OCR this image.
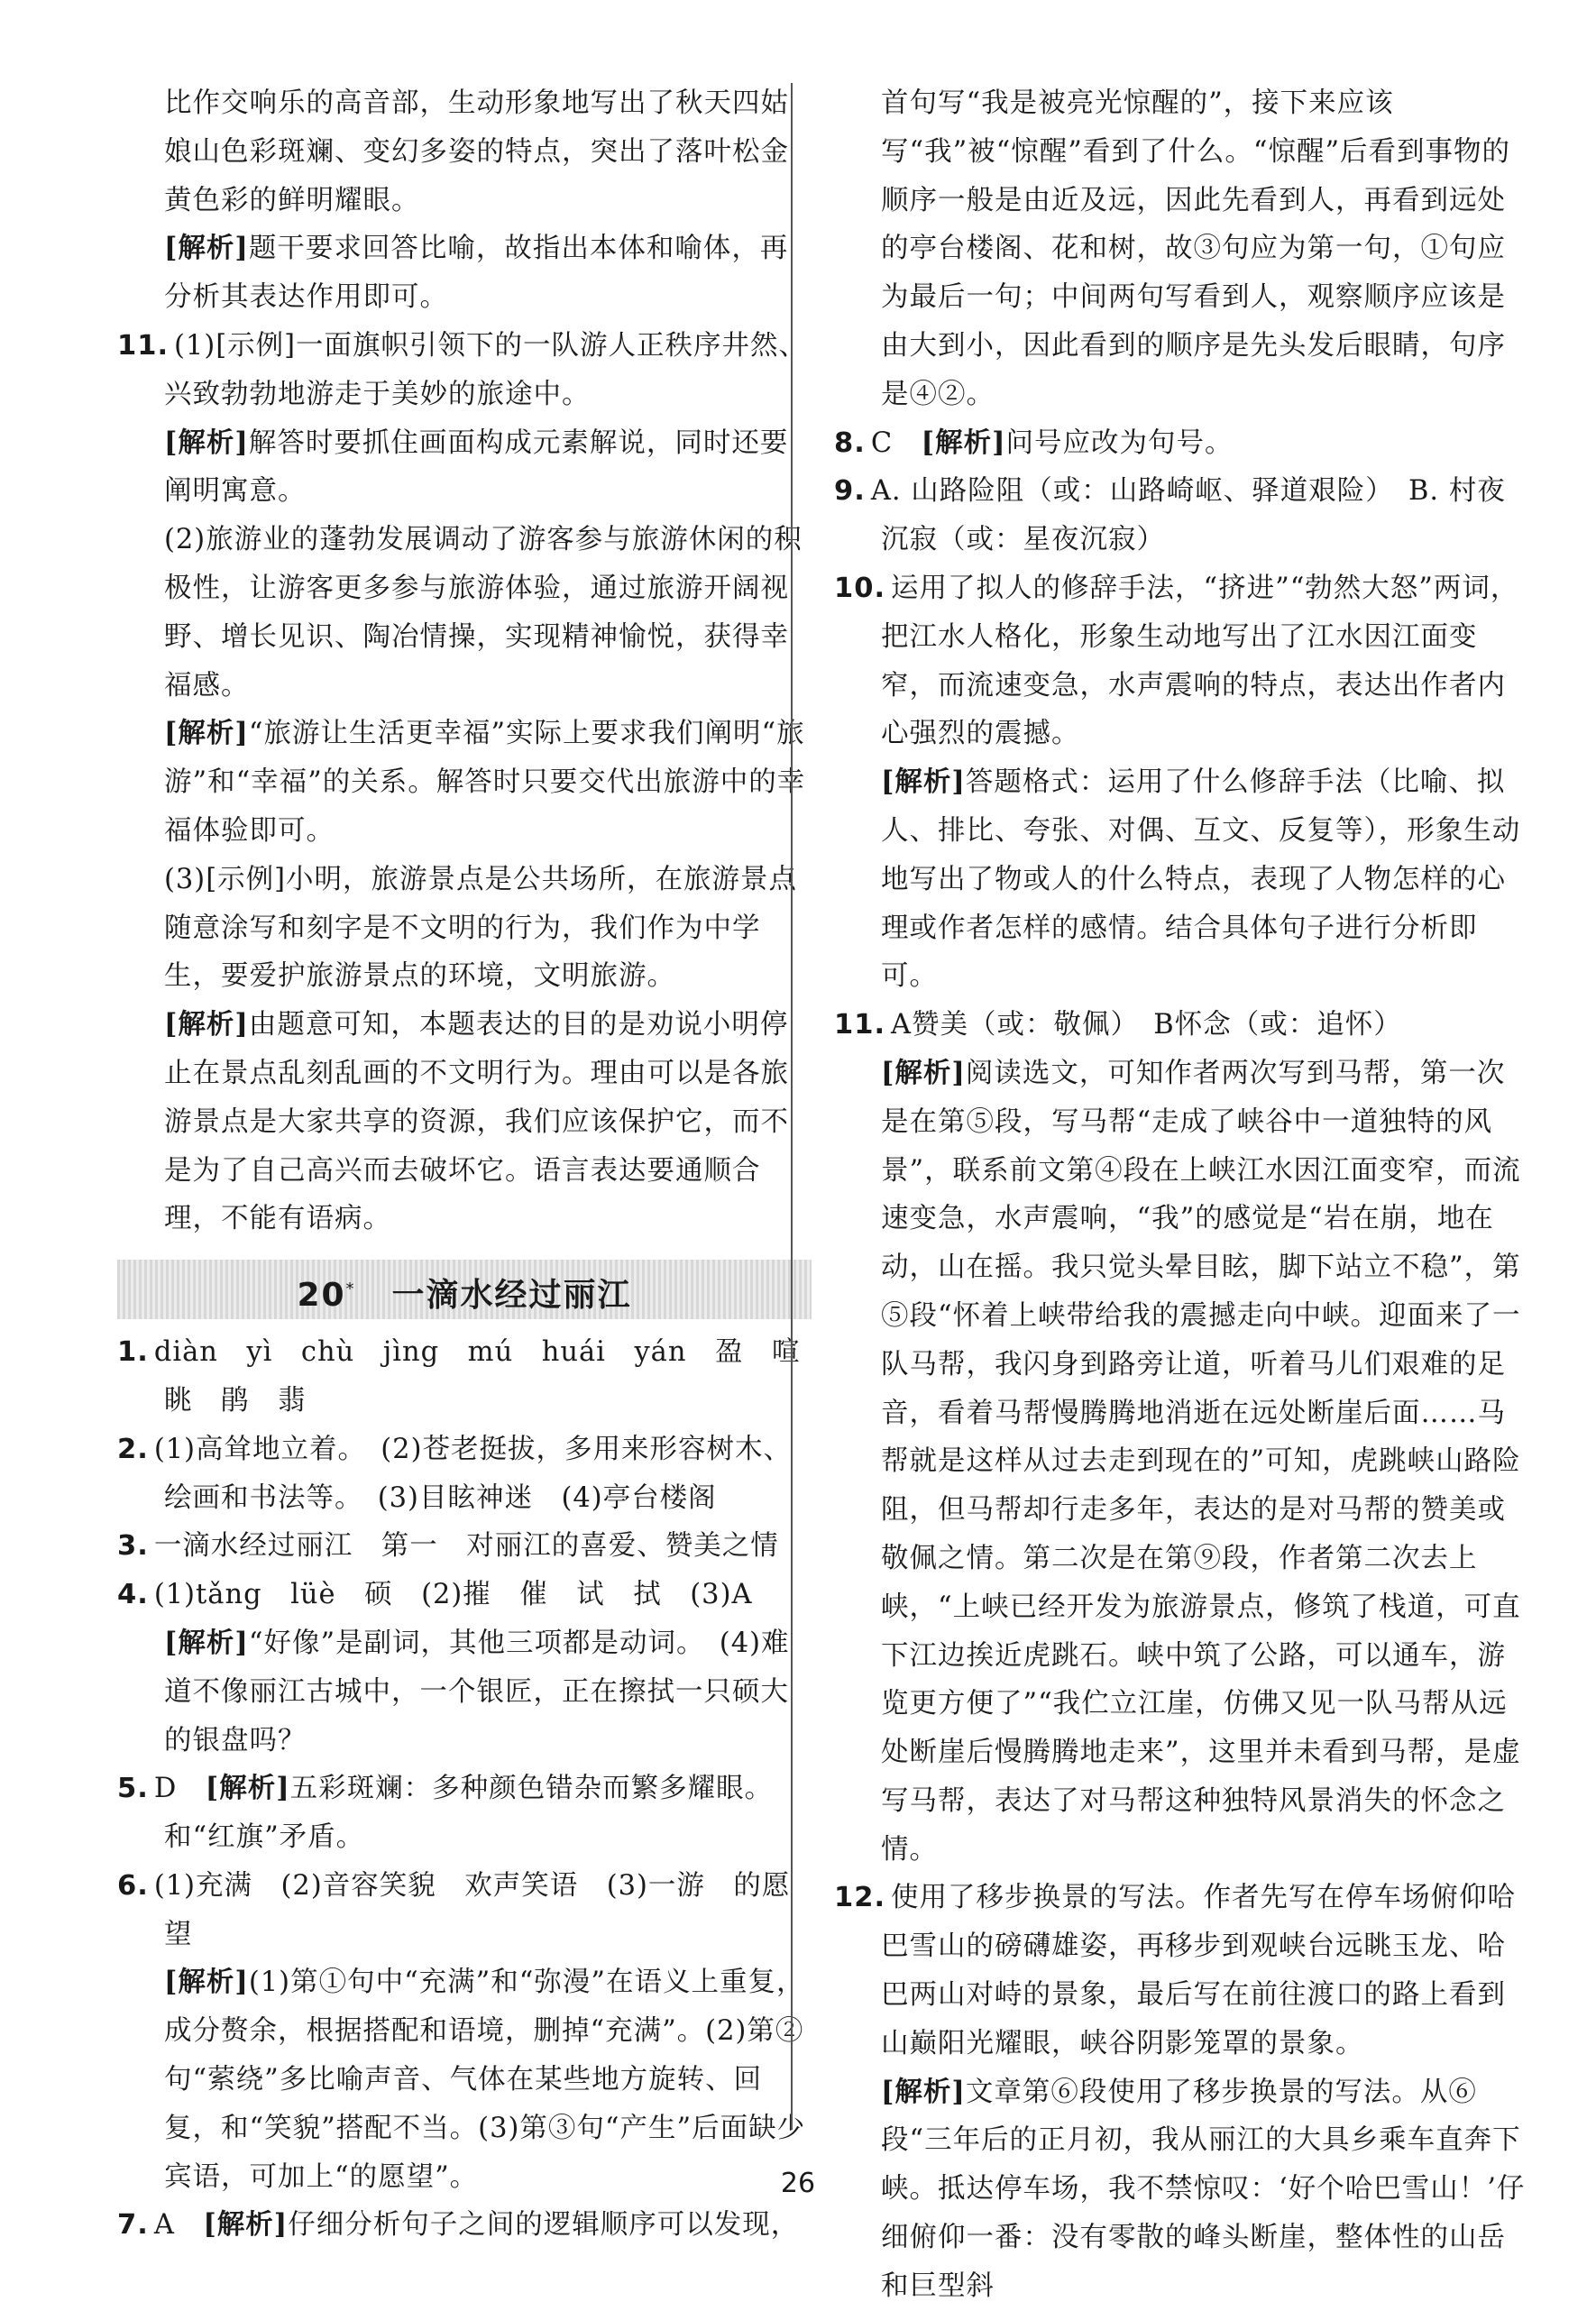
比作交响乐的高音部，生动形象地写出了秋天四姑娘山色彩斑斓、变幻多姿的特点，突出了落叶松金黄色彩的鲜明耀眼。

[解析]题干要求回答比喻，故指出本体和喻体，再分析其表达作用即可。

11. (1)[示例]一面旗帜引领下的一队游人正秩序井然、兴致勃勃地游走于美妙的旅途中。

[解析]解答时要抓住画面构成元素解说，同时还要阐明寓意。

(2)旅游业的蓬勃发展调动了游客参与旅游休闲的积极性，让游客更多参与旅游体验，通过旅游开阔视野、增长见识、陶冶情操，实现精神愉悦，获得幸福感。

[解析]“旅游让生活更幸福”实际上要求我们阐明“旅游”和“幸福”的关系。解答时只要交代出旅游中的幸福体验即可。

(3)[示例]小明，旅游景点是公共场所，在旅游景点随意涂写和刻字是不文明的行为，我们作为中学生，要爱护旅游景点的环境，文明旅游。

[解析]由题意可知，本题表达的目的是劝说小明停止在景点乱刻乱画的不文明行为。理由可以是各旅游景点是大家共享的资源，我们应该保护它，而不是为了自己高兴而去破坏它。语言表达要通顺合理，不能有语病。

20* 一滴水经过丽江

1. diàn　yì　chù　jìng　mú　huái　yán　盈　喧　眺　鹃　翡

2. (1)高耸地立着。　(2)苍老挺拔，多用来形容树木、绘画和书法等。　(3)目眩神迷　(4)亭台楼阁

3. 一滴水经过丽江　第一　对丽江的喜爱、赞美之情

4. (1)tǎng　lüè　硕　(2)摧　催　试　拭　(3)A　[解析]“好像”是副词，其他三项都是动词。　(4)难道不像丽江古城中，一个银匠，正在擦拭一只硕大的银盘吗？

5. D　[解析]五彩斑斓：多种颜色错杂而繁多耀眼。和“红旗”矛盾。

6. (1)充满　(2)音容笑貌　欢声笑语　(3)一游　的愿望

[解析](1)第①句中“充满”和“弥漫”在语义上重复，成分赘余，根据搭配和语境，删掉“充满”。(2)第②句“萦绕”多比喻声音、气体在某些地方旋转、回复，和“笑貌”搭配不当。(3)第③句“产生”后面缺少宾语，可加上“的愿望”。

7. A　[解析]仔细分析句子之间的逻辑顺序可以发现，

首句写“我是被亮光惊醒的”，接下来应该写“我”被“惊醒”看到了什么。“惊醒”后看到事物的顺序一般是由近及远，因此先看到人，再看到远处的亭台楼阁、花和树，故③句应为第一句，①句应为最后一句；中间两句写看到人，观察顺序应该是由大到小，因此看到的顺序是先头发后眼睛，句序是④②。

8. C　[解析]问号应改为句号。

9. A. 山路险阻（或：山路崎岖、驿道艰险）　B. 村夜沉寂（或：星夜沉寂）

10. 运用了拟人的修辞手法，“挤进”“勃然大怒”两词，把江水人格化，形象生动地写出了江水因江面变窄，而流速变急，水声震响的特点，表达出作者内心强烈的震撼。

[解析]答题格式：运用了什么修辞手法（比喻、拟人、排比、夸张、对偶、互文、反复等），形象生动地写出了物或人的什么特点，表现了人物怎样的心理或作者怎样的感情。结合具体句子进行分析即可。

11. A赞美（或：敬佩）　B怀念（或：追怀）

[解析]阅读选文，可知作者两次写到马帮，第一次是在第⑤段，写马帮“走成了峡谷中一道独特的风景”，联系前文第④段在上峡江水因江面变窄，而流速变急，水声震响，“我”的感觉是“岩在崩，地在动，山在摇。我只觉头晕目眩，脚下站立不稳”，第⑤段“怀着上峡带给我的震撼走向中峡。迎面来了一队马帮，我闪身到路旁让道，听着马儿们艰难的足音，看着马帮慢腾腾地消逝在远处断崖后面……马帮就是这样从过去走到现在的”可知，虎跳峡山路险阻，但马帮却行走多年，表达的是对马帮的赞美或敬佩之情。第二次是在第⑨段，作者第二次去上峡，“上峡已经开发为旅游景点，修筑了栈道，可直下江边挨近虎跳石。峡中筑了公路，可以通车，游览更方便了”“我伫立江崖，仿佛又见一队马帮从远处断崖后慢腾腾地走来”，这里并未看到马帮，是虚写马帮，表达了对马帮这种独特风景消失的怀念之情。

12. 使用了移步换景的写法。作者先写在停车场俯仰哈巴雪山的磅礴雄姿，再移步到观峡台远眺玉龙、哈巴两山对峙的景象，最后写在前往渡口的路上看到山巅阳光耀眼，峡谷阴影笼罩的景象。

[解析]文章第⑥段使用了移步换景的写法。从⑥段“三年后的正月初，我从丽江的大具乡乘车直奔下峡。抵达停车场，我不禁惊叹：‘好个哈巴雪山！’仔细俯仰一番：没有零散的峰头断崖，整体性的山岳和巨型斜

26
